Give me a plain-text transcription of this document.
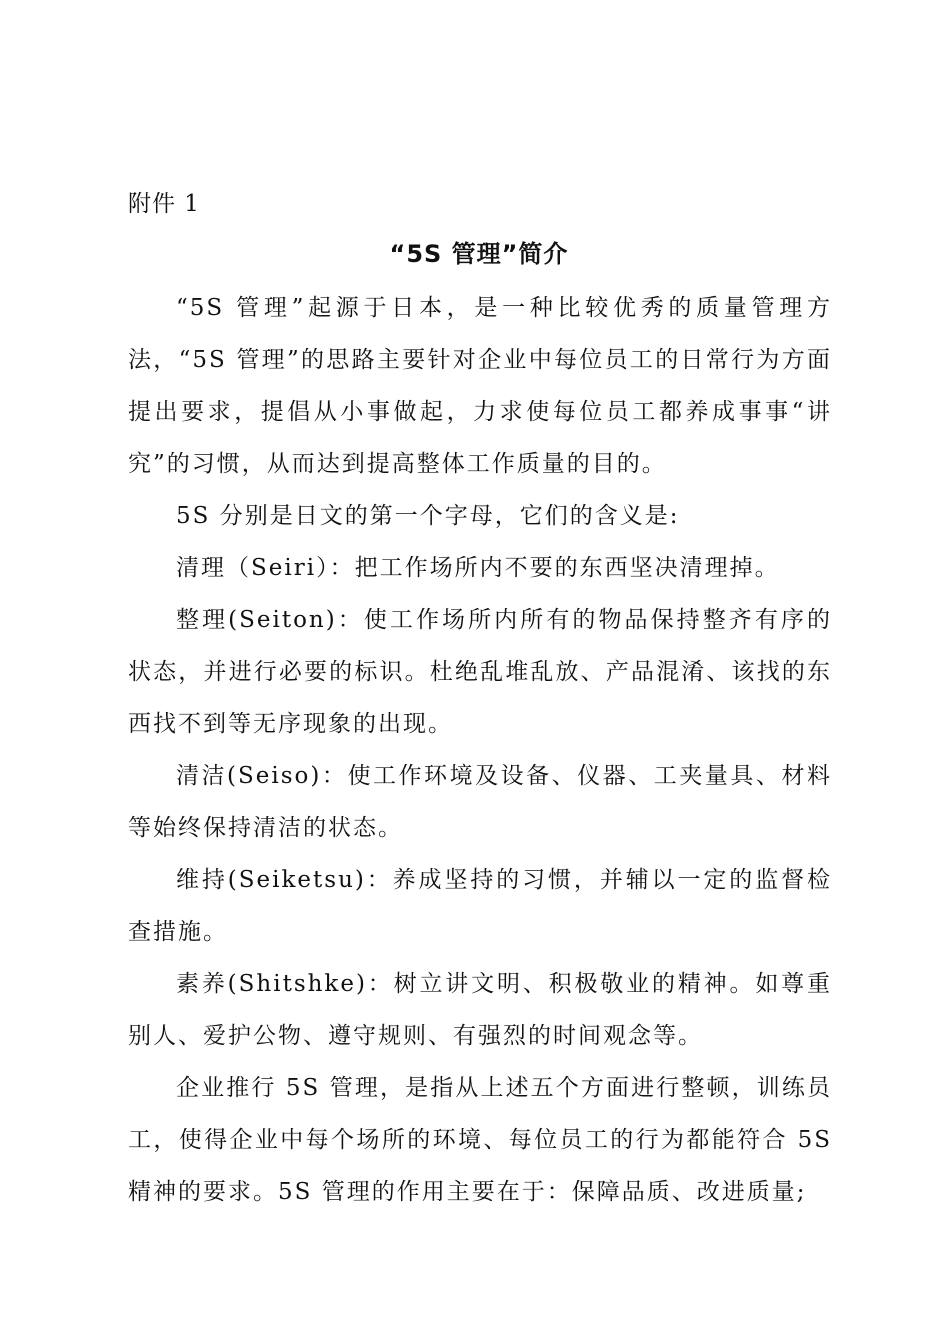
附件 1
“5S 管理”简介

“5S 管理”起源于日本，是一种比较优秀的质量管理方法，“5S 管理”的思路主要针对企业中每位员工的日常行为方面提出要求，提倡从小事做起，力求使每位员工都养成事事“讲究”的习惯，从而达到提高整体工作质量的目的。

5S 分别是日文的第一个字母，它们的含义是:

清理（Seiri）：把工作场所内不要的东西坚决清理掉。

整理(Seiton)：使工作场所内所有的物品保持整齐有序的状态，并进行必要的标识。杜绝乱堆乱放、产品混淆、该找的东西找不到等无序现象的出现。

清洁(Seiso)：使工作环境及设备、仪器、工夹量具、材料等始终保持清洁的状态。

维持(Seiketsu)：养成坚持的习惯，并辅以一定的监督检查措施。

素养(Shitshke)：树立讲文明、积极敬业的精神。如尊重别人、爱护公物、遵守规则、有强烈的时间观念等。

企业推行 5S 管理，是指从上述五个方面进行整顿，训练员工，使得企业中每个场所的环境、每位员工的行为都能符合 5S 精神的要求。5S 管理的作用主要在于：保障品质、改进质量;
